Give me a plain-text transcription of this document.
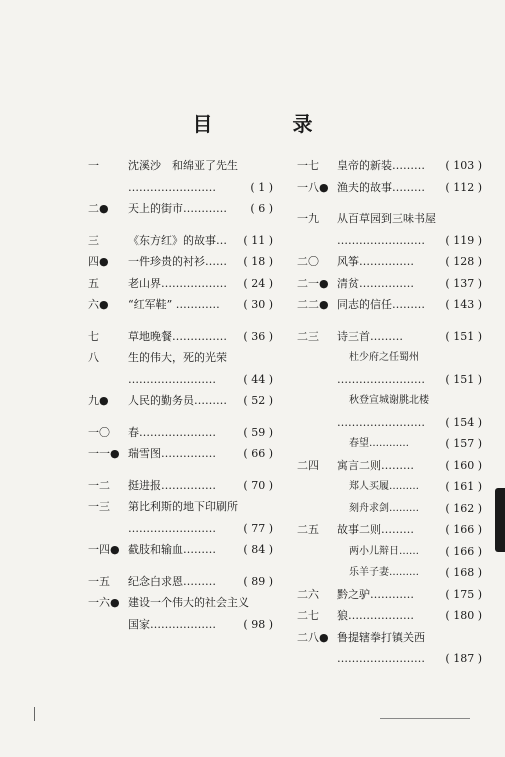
目　录
一	沈溪沙　和绵亚了先生
……………………	( 1 )
二●	天上的街市…………	( 6 )
三	《东方红》的故事…	( 11 )
四●	一件珍贵的衬衫……	( 18 )
五	老山界………………	( 24 )
六●	“红军鞋” …………	( 30 )
七	草地晚餐……………	( 36 )
八	生的伟大，死的光荣
……………………	( 44 )
九●	人民的勤务员………	( 52 )
一〇	春…………………	( 59 )
一一● 瑞雪图……………	( 66 )
一二	挺进报……………	( 70 )
一三	第比利斯的地下印刷所
……………………	( 77 )
一四● 截肢和输血………	( 84 )
一五	纪念白求恩………	( 89 )
一六● 建设一个伟大的社会主义
国家………………	( 98 )
一七	皇帝的新装………	( 103 )
一八● 渔夫的故事………	( 112 )
一九	从百草园到三味书屋
……………………	( 119 )
二〇	风筝……………	( 128 )
二一● 清贫……………	( 137 )
二二● 同志的信任………	( 143 )
二三	诗三首………	( 151 )
杜少府之任蜀州
……………………	( 151 )
秋登宣城谢朓北楼
……………………	( 154 )
春望…………	( 157 )
二四	寓言二则………	( 160 )
郑人买履………	( 161 )
刻舟求剑………	( 162 )
二五	故事二则………	( 166 )
两小儿辩日……	( 166 )
乐羊子妻………	( 168 )
二六	黔之驴…………	( 175 )
二七	狼………………	( 180 )
二八● 鲁提辖拳打镇关西
……………………	( 187 )
